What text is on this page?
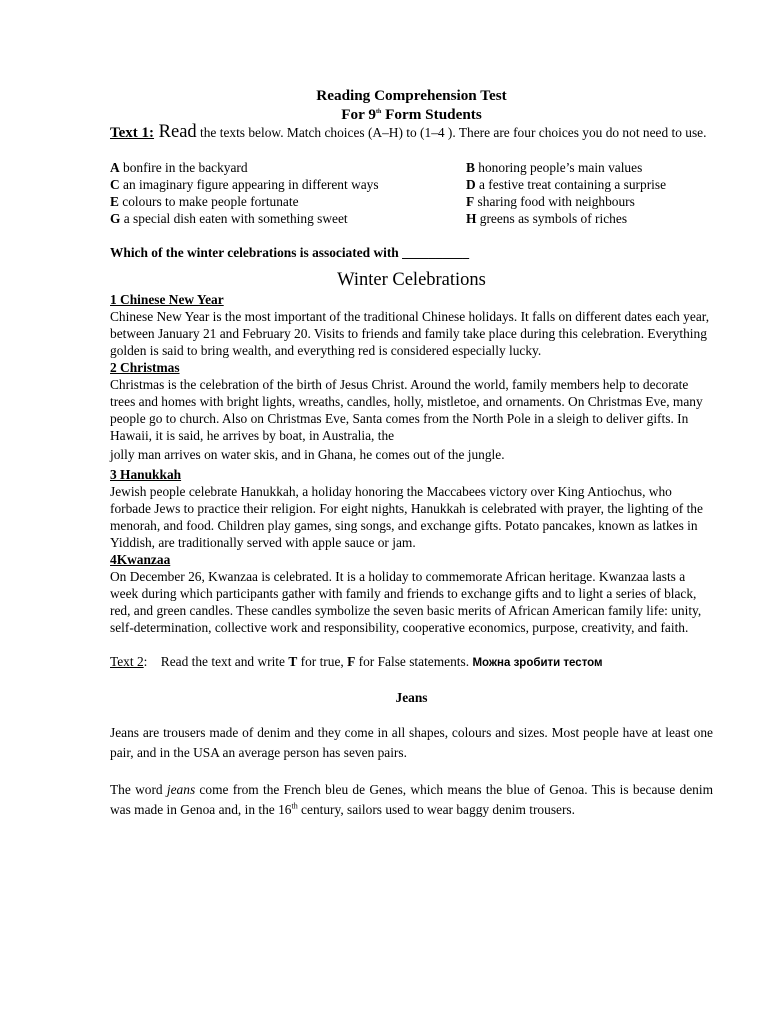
Reading Comprehension Test
For 9th Form Students
Text 1: Read the texts below. Match choices (A–H) to (1–4 ). There are four choices you do not need to use.
A bonfire in the backyard	B honoring people’s main values
C an imaginary figure appearing in different ways	D a festive treat containing a surprise
E colours to make people fortunate	F sharing food with neighbours
G a special dish eaten with something sweet	H greens as symbols of riches
Which of the winter celebrations is associated with __________
Winter Celebrations
1 Chinese New Year

Chinese New Year is the most important of the traditional Chinese holidays. It falls on different dates each year, between January 21 and February 20. Visits to friends and family take place during this celebration. Everything golden is said to bring wealth, and everything red is considered especially lucky.

2 Christmas

Christmas is the celebration of the birth of Jesus Christ. Around the world, family members help to decorate trees and homes with bright lights, wreaths, candles, holly, mistletoe, and ornaments. On Christmas Eve, many people go to church. Also on Christmas Eve, Santa comes from the North Pole in a sleigh to deliver gifts. In Hawaii, it is said, he arrives by boat, in Australia, the

jolly man arrives on water skis, and in Ghana, he comes out of the jungle.

3 Hanukkah

Jewish people celebrate Hanukkah, a holiday honoring the Maccabees victory over King Antiochus, who forbade Jews to practice their religion. For eight nights, Hanukkah is celebrated with prayer, the lighting of the menorah, and food. Children play games, sing songs, and exchange gifts. Potato pancakes, known as latkes in Yiddish, are traditionally served with apple sauce or jam.

4Kwanzaa

On December 26, Kwanzaa is celebrated. It is a holiday to commemorate African heritage. Kwanzaa lasts a week during which participants gather with family and friends to exchange gifts and to light a series of black, red, and green candles. These candles symbolize the seven basic merits of African American family life: unity, self-determination, collective work and responsibility, cooperative economics, purpose, creativity, and faith.

Text 2:    Read the text and write T for true, F for False statements. Можна зробити тестом
Jeans

Jeans are trousers made of denim and they come in all shapes, colours and sizes. Most people have at least one pair, and in the USA an average person has seven pairs.

The word jeans come from the French bleu de Genes, which means the blue of Genoa. This is because denim was made in Genoa and, in the 16th century, sailors used to wear baggy denim trousers.
